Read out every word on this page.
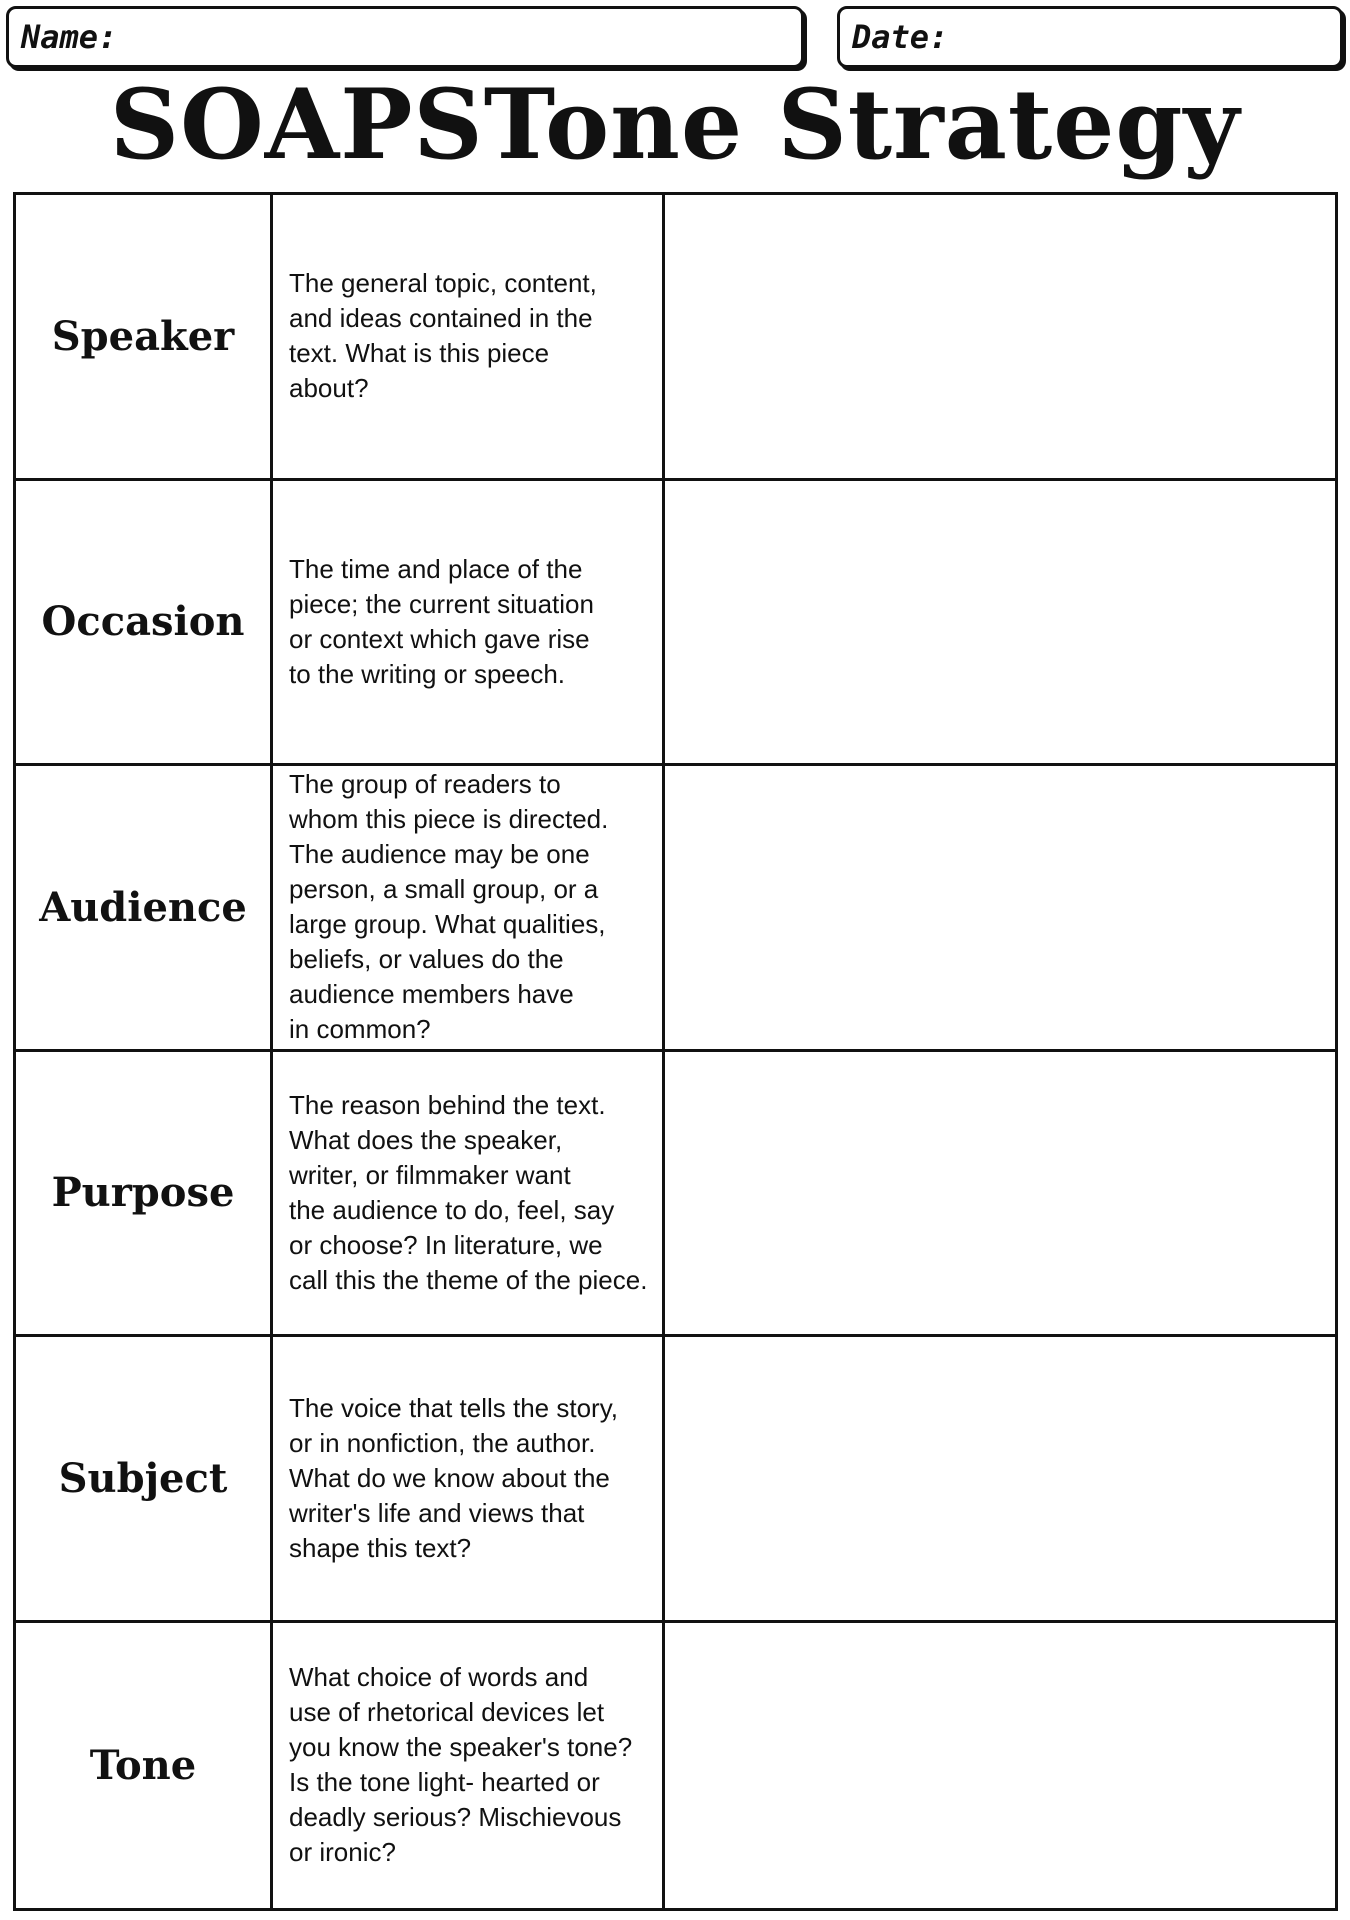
Name:	Date:
SOAPSTone Strategy
Speaker
The general topic, content,
and ideas contained in the
text. What is this piece
about?
Occasion
The time and place of the
piece; the current situation
or context which gave rise
to the writing or speech.
Audience
The group of readers to
whom this piece is directed.
The audience may be one
person, a small group, or a
large group. What qualities,
beliefs, or values do the
audience members have
in common?
Purpose
The reason behind the text.
What does the speaker,
writer, or filmmaker want
the audience to do, feel, say
or choose? In literature, we
call this the theme of the piece.
Subject
The voice that tells the story,
or in nonfiction, the author.
What do we know about the
writer's life and views that
shape this text?
Tone
What choice of words and
use of rhetorical devices let
you know the speaker's tone?
Is the tone light- hearted or
deadly serious? Mischievous
or ironic?
